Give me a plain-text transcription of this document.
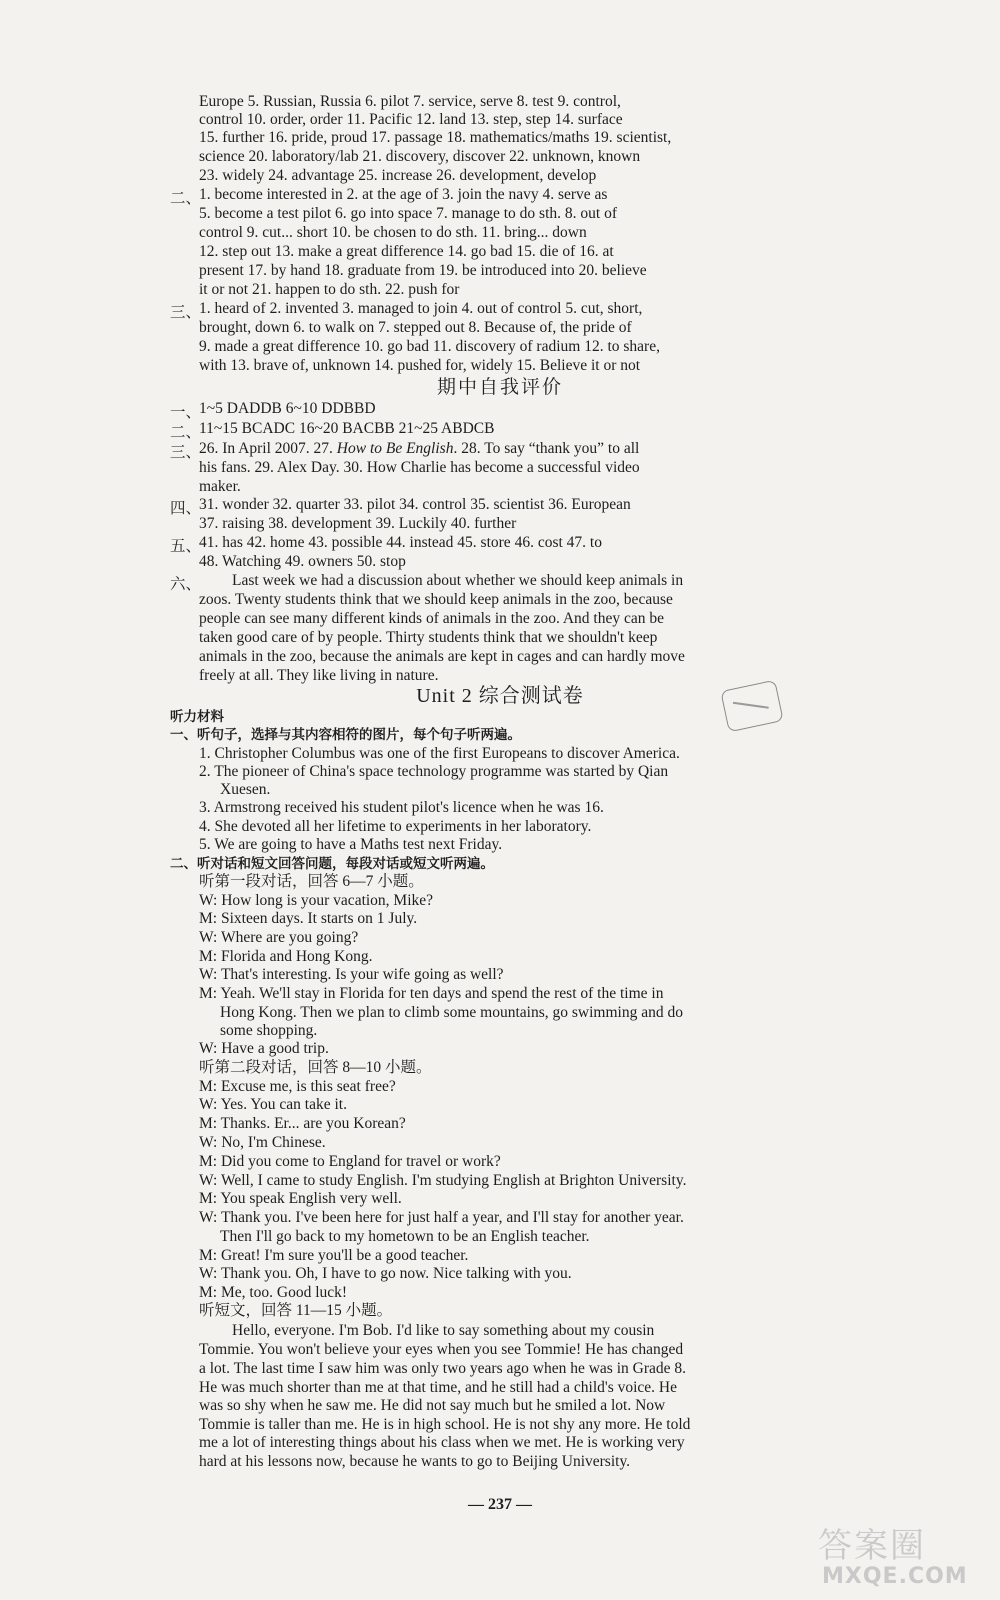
Europe 5. Russian, Russia 6. pilot 7. service, serve 8. test 9. control,
control 10. order, order 11. Pacific 12. land 13. step, step 14. surface
15. further 16. pride, proud 17. passage 18. mathematics/maths 19. scientist,
science 20. laboratory/lab 21. discovery, discover 22. unknown, known
23. widely 24. advantage 25. increase 26. development, develop
二、
1. become interested in 2. at the age of 3. join the navy 4. serve as
5. become a test pilot 6. go into space 7. manage to do sth. 8. out of
control 9. cut... short 10. be chosen to do sth. 11. bring... down
12. step out 13. make a great difference 14. go bad 15. die of 16. at
present 17. by hand 18. graduate from 19. be introduced into 20. believe
it or not 21. happen to do sth. 22. push for
三、
1. heard of 2. invented 3. managed to join 4. out of control 5. cut, short,
brought, down 6. to walk on 7. stepped out 8. Because of, the pride of
9. made a great difference 10. go bad 11. discovery of radium 12. to share,
with 13. brave of, unknown 14. pushed for, widely 15. Believe it or not
期中自我评价
一、
1~5 DADDB 6~10 DDBBD
二、
11~15 BCADC 16~20 BACBB 21~25 ABDCB
三、
26. In April 2007. 27. How to Be English. 28. To say “thank you” to all
his fans. 29. Alex Day. 30. How Charlie has become a successful video
maker.
四、
31. wonder 32. quarter 33. pilot 34. control 35. scientist 36. European
37. raising 38. development 39. Luckily 40. further
五、
41. has 42. home 43. possible 44. instead 45. store 46. cost 47. to
48. Watching 49. owners 50. stop
六、 Last week we had a discussion about whether we should keep animals in
zoos. Twenty students think that we should keep animals in the zoo, because
people can see many different kinds of animals in the zoo. And they can be
taken good care of by people. Thirty students think that we shouldn't keep
animals in the zoo, because the animals are kept in cages and can hardly move
freely at all. They like living in nature.
Unit 2 综合测试卷
听力材料
一、听句子，选择与其内容相符的图片，每个句子听两遍。
1. Christopher Columbus was one of the first Europeans to discover America.
2. The pioneer of China's space technology programme was started by Qian
Xuesen.
3. Armstrong received his student pilot's licence when he was 16.
4. She devoted all her lifetime to experiments in her laboratory.
5. We are going to have a Maths test next Friday.
二、听对话和短文回答问题，每段对话或短文听两遍。
听第一段对话，回答 6—7 小题。
W: How long is your vacation, Mike?
M: Sixteen days. It starts on 1 July.
W: Where are you going?
M: Florida and Hong Kong.
W: That's interesting. Is your wife going as well?
M: Yeah. We'll stay in Florida for ten days and spend the rest of the time in
Hong Kong. Then we plan to climb some mountains, go swimming and do
some shopping.
W: Have a good trip.
听第二段对话，回答 8—10 小题。
M: Excuse me, is this seat free?
W: Yes. You can take it.
M: Thanks. Er... are you Korean?
W: No, I'm Chinese.
M: Did you come to England for travel or work?
W: Well, I came to study English. I'm studying English at Brighton University.
M: You speak English very well.
W: Thank you. I've been here for just half a year, and I'll stay for another year.
Then I'll go back to my hometown to be an English teacher.
M: Great! I'm sure you'll be a good teacher.
W: Thank you. Oh, I have to go now. Nice talking with you.
M: Me, too. Good luck!
听短文，回答 11—15 小题。
Hello, everyone. I'm Bob. I'd like to say something about my cousin
Tommie. You won't believe your eyes when you see Tommie! He has changed
a lot. The last time I saw him was only two years ago when he was in Grade 8.
He was much shorter than me at that time, and he still had a child's voice. He
was so shy when he saw me. He did not say much but he smiled a lot. Now
Tommie is taller than me. He is in high school. He is not shy any more. He told
me a lot of interesting things about his class when we met. He is working very
hard at his lessons now, because he wants to go to Beijing University.
— 237 —
答案圈
MXQE.COM
